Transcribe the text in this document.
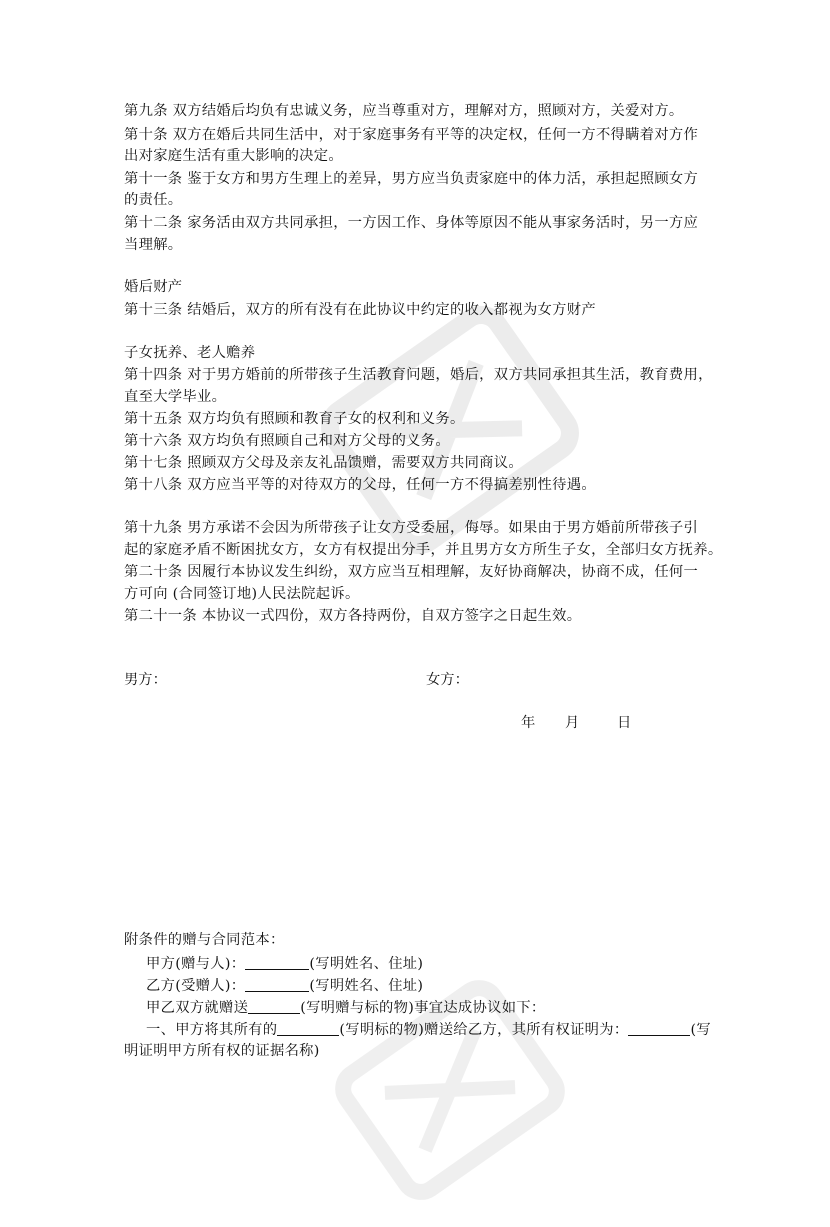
第九条 双方结婚后均负有忠诚义务，应当尊重对方，理解对方，照顾对方，关爱对方。
第十条 双方在婚后共同生活中，对于家庭事务有平等的决定权，任何一方不得瞒着对方作
出对家庭生活有重大影响的决定。
第十一条 鉴于女方和男方生理上的差异，男方应当负责家庭中的体力活，承担起照顾女方
的责任。
第十二条 家务活由双方共同承担，一方因工作、身体等原因不能从事家务活时，另一方应
当理解。
婚后财产
第十三条 结婚后，双方的所有没有在此协议中约定的收入都视为女方财产
子女抚养、老人赡养
第十四条 对于男方婚前的所带孩子生活教育问题，婚后，双方共同承担其生活，教育费用，
直至大学毕业。
第十五条 双方均负有照顾和教育子女的权利和义务。
第十六条 双方均负有照顾自己和对方父母的义务。
第十七条 照顾双方父母及亲友礼品馈赠，需要双方共同商议。
第十八条 双方应当平等的对待双方的父母，任何一方不得搞差别性待遇。
第十九条 男方承诺不会因为所带孩子让女方受委屈，侮辱。如果由于男方婚前所带孩子引
起的家庭矛盾不断困扰女方，女方有权提出分手，并且男方女方所生子女，全部归女方抚养。
第二十条 因履行本协议发生纠纷，双方应当互相理解，友好协商解决，协商不成，任何一
方可向 (合同签订地)人民法院起诉。
第二十一条 本协议一式四份，双方各持两份，自双方签字之日起生效。
男方：	女方：
年 月	日
附条件的赠与合同范本：
甲方(赠与人)：	(写明姓名、住址)
乙方(受赠人)：	(写明姓名、住址)
甲乙双方就赠送	(写明赠与标的物)事宜达成协议如下：
一、甲方将其所有的	(写明标的物)赠送给乙方，其所有权证明为：	(写
明证明甲方所有权的证据名称)
